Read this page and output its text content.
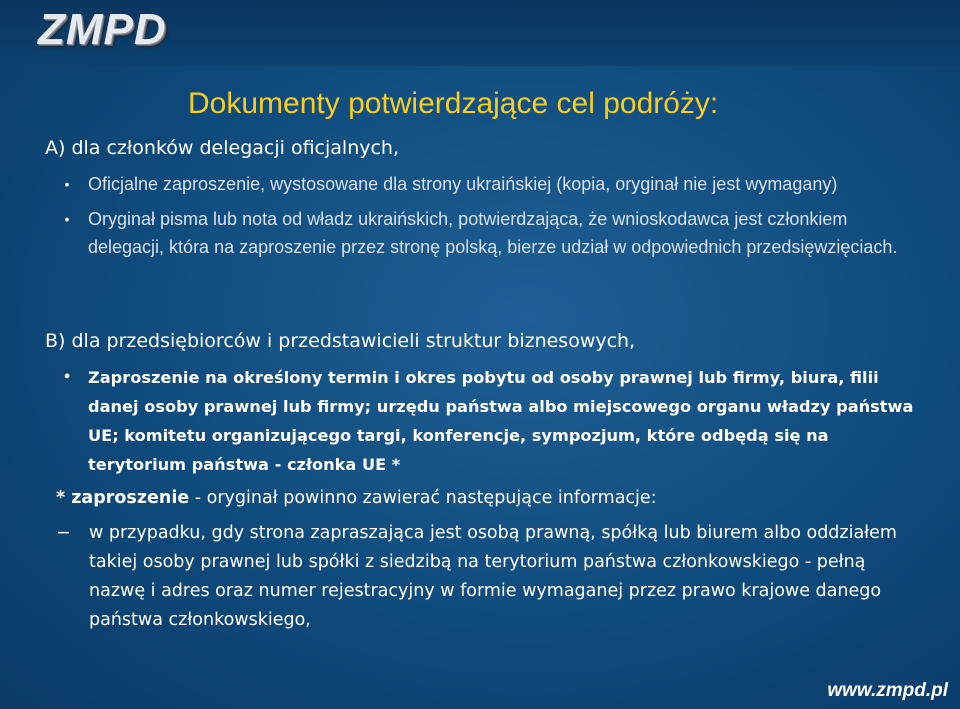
ZMPD
Dokumenty potwierdzające cel podróży:
A) dla członków delegacji oficjalnych,
• Oficjalne zaproszenie, wystosowane dla strony ukraińskiej (kopia, oryginał nie jest wymagany)
• Oryginał pisma lub nota od władz ukraińskich, potwierdzająca, że wnioskodawca jest członkiem delegacji, która na zaproszenie przez stronę polską, bierze udział w odpowiednich przedsięwzięciach.
B) dla przedsiębiorców i przedstawicieli struktur biznesowych,
• Zaproszenie na określony termin i okres pobytu od osoby prawnej lub firmy, biura, filii danej osoby prawnej lub firmy; urzędu państwa albo miejscowego organu władzy państwa UE; komitetu organizującego targi, konferencje, sympozjum, które odbędą się na terytorium państwa - członka UE *
* zaproszenie - oryginał powinno zawierać następujące informacje:
−	w przypadku, gdy strona zapraszająca jest osobą prawną, spółką lub biurem albo oddziałem takiej osoby prawnej lub spółki z siedzibą na terytorium państwa członkowskiego - pełną nazwę i adres oraz numer rejestracyjny w formie wymaganej przez prawo krajowe danego państwa członkowskiego,
www.zmpd.pl
